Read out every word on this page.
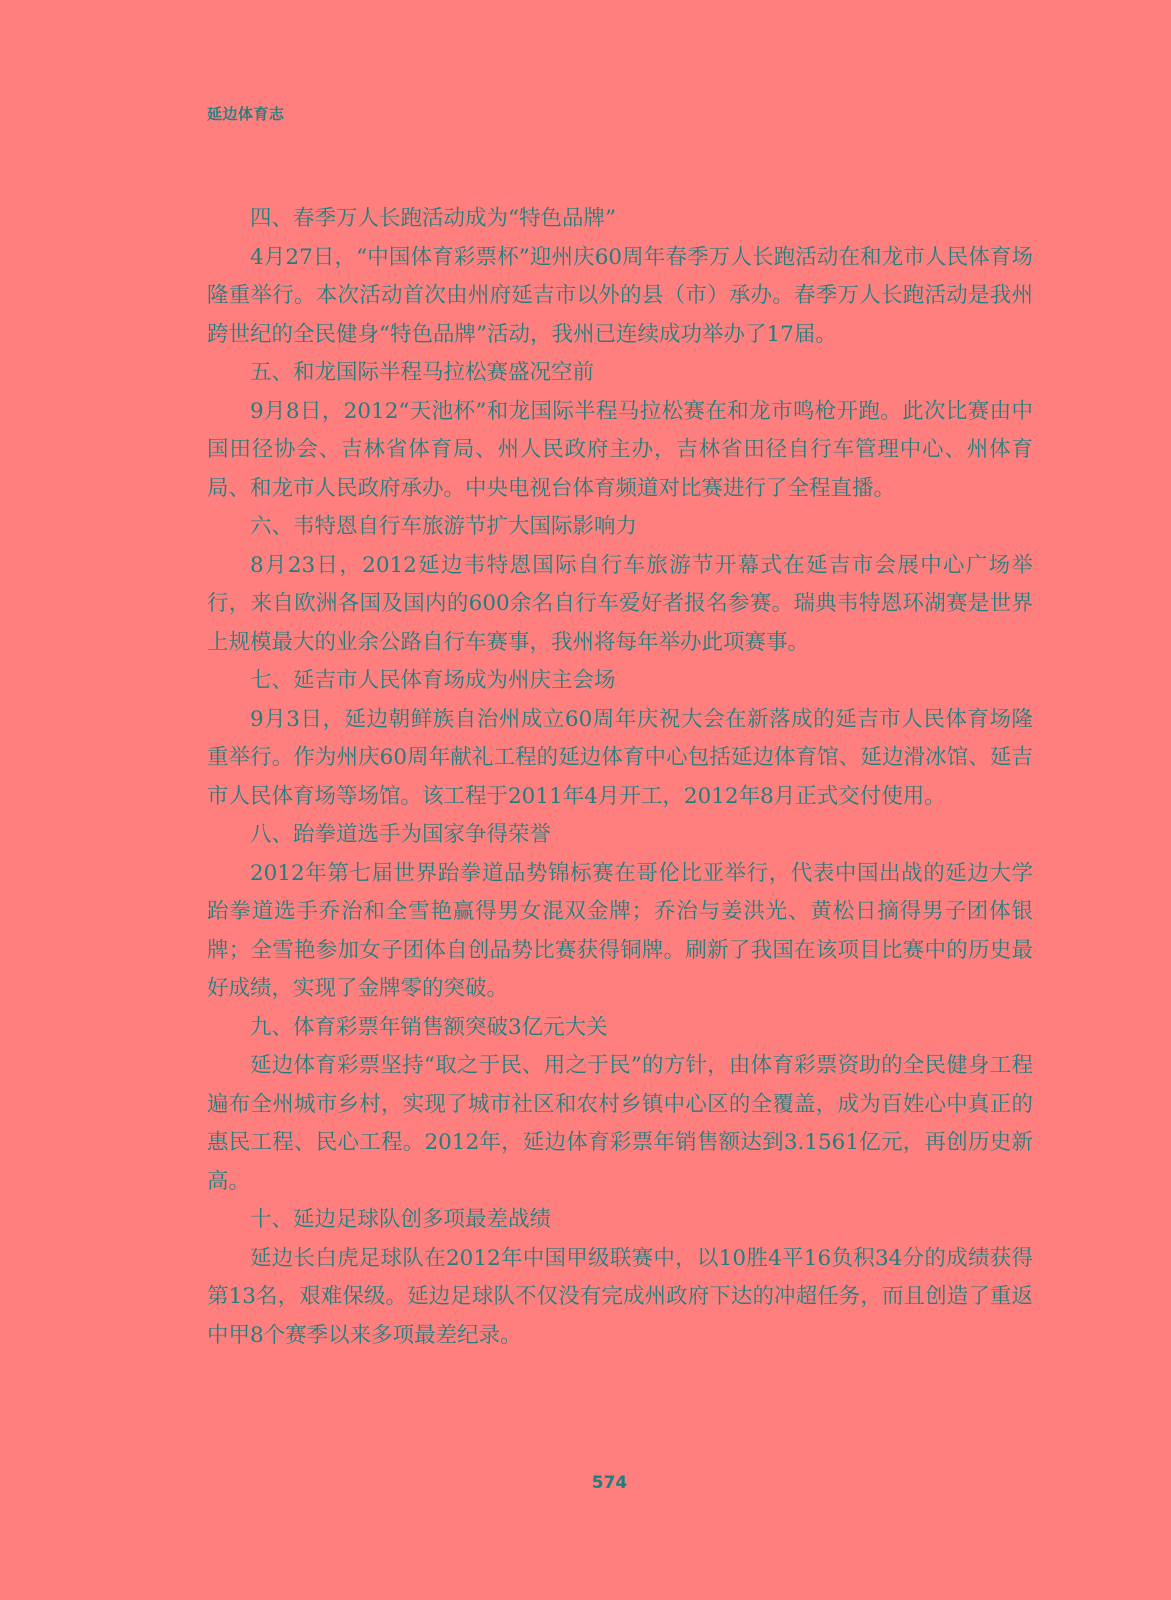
延边体育志

四、春季万人长跑活动成为“特色品牌”

4月27日，“中国体育彩票杯”迎州庆60周年春季万人长跑活动在和龙市人民体育场隆重举行。本次活动首次由州府延吉市以外的县（市）承办。春季万人长跑活动是我州跨世纪的全民健身“特色品牌”活动，我州已连续成功举办了17届。

五、和龙国际半程马拉松赛盛况空前

9月8日，2012“天池杯”和龙国际半程马拉松赛在和龙市鸣枪开跑。此次比赛由中国田径协会、吉林省体育局、州人民政府主办，吉林省田径自行车管理中心、州体育局、和龙市人民政府承办。中央电视台体育频道对比赛进行了全程直播。

六、韦特恩自行车旅游节扩大国际影响力

8月23日，2012延边韦特恩国际自行车旅游节开幕式在延吉市会展中心广场举行，来自欧洲各国及国内的600余名自行车爱好者报名参赛。瑞典韦特恩环湖赛是世界上规模最大的业余公路自行车赛事，我州将每年举办此项赛事。

七、延吉市人民体育场成为州庆主会场

9月3日，延边朝鲜族自治州成立60周年庆祝大会在新落成的延吉市人民体育场隆重举行。作为州庆60周年献礼工程的延边体育中心包括延边体育馆、延边滑冰馆、延吉市人民体育场等场馆。该工程于2011年4月开工，2012年8月正式交付使用。

八、跆拳道选手为国家争得荣誉

2012年第七届世界跆拳道品势锦标赛在哥伦比亚举行，代表中国出战的延边大学跆拳道选手乔治和全雪艳赢得男女混双金牌；乔治与姜洪光、黄松日摘得男子团体银牌；全雪艳参加女子团体自创品势比赛获得铜牌。刷新了我国在该项目比赛中的历史最好成绩，实现了金牌零的突破。

九、体育彩票年销售额突破3亿元大关

延边体育彩票坚持“取之于民、用之于民”的方针，由体育彩票资助的全民健身工程遍布全州城市乡村，实现了城市社区和农村乡镇中心区的全覆盖，成为百姓心中真正的惠民工程、民心工程。2012年，延边体育彩票年销售额达到3.1561亿元，再创历史新高。

十、延边足球队创多项最差战绩

延边长白虎足球队在2012年中国甲级联赛中，以10胜4平16负积34分的成绩获得第13名，艰难保级。延边足球队不仅没有完成州政府下达的冲超任务，而且创造了重返中甲8个赛季以来多项最差纪录。

574
